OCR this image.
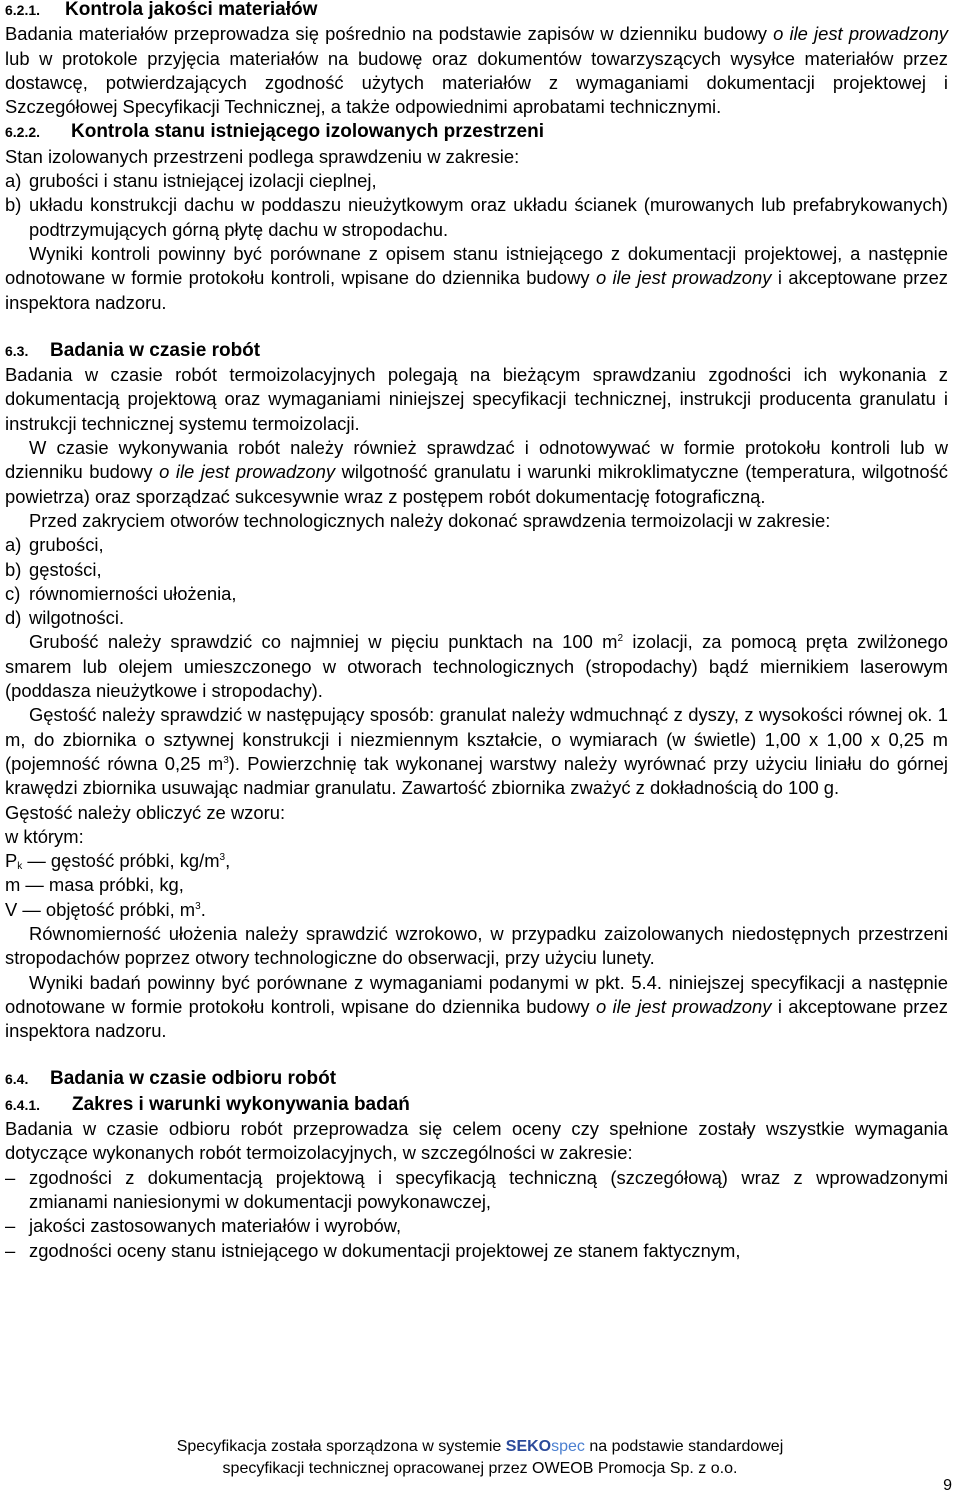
6.2.1. Kontrola jakości materiałów

Badania materiałów przeprowadza się pośrednio na podstawie zapisów w dzienniku budowy o ile jest prowadzony lub w protokole przyjęcia materiałów na budowę oraz dokumentów towarzyszących wysyłce materiałów przez dostawcę, potwierdzających zgodność użytych materiałów z wymaganiami dokumentacji projektowej i Szczegółowej Specyfikacji Technicznej, a także odpowiednimi aprobatami technicznymi.

6.2.2. Kontrola stanu istniejącego izolowanych przestrzeni

Stan izolowanych przestrzeni podlega sprawdzeniu w zakresie:

a) grubości i stanu istniejącej izolacji cieplnej,
b) układu konstrukcji dachu w poddaszu nieużytkowym oraz układu ścianek (murowanych lub prefabrykowanych) podtrzymujących górną płytę dachu w stropodachu.

Wyniki kontroli powinny być porównane z opisem stanu istniejącego z dokumentacji projektowej, a następnie odnotowane w formie protokołu kontroli, wpisane do dziennika budowy o ile jest prowadzony i akceptowane przez inspektora nadzoru.

6.3. Badania w czasie robót

Badania w czasie robót termoizolacyjnych polegają na bieżącym sprawdzaniu zgodności ich wykonania z dokumentacją projektową oraz wymaganiami niniejszej specyfikacji technicznej, instrukcji producenta granulatu i instrukcji technicznej systemu termoizolacji.

W czasie wykonywania robót należy również sprawdzać i odnotowywać w formie protokołu kontroli lub w dzienniku budowy o ile jest prowadzony wilgotność granulatu i warunki mikroklimatyczne (temperatura, wilgotność powietrza) oraz sporządzać sukcesywnie wraz z postępem robót dokumentację fotograficzną.

Przed zakryciem otworów technologicznych należy dokonać sprawdzenia termoizolacji w zakresie:

a) grubości,
b) gęstości,
c) równomierności ułożenia,
d) wilgotności.

Grubość należy sprawdzić co najmniej w pięciu punktach na 100 $m^2$ izolacji, za pomocą pręta zwilżonego smarem lub olejem umieszczonego w otworach technologicznych (stropodachy) bądź miernikiem laserowym (poddasza nieużytkowe i stropodachy).

Gęstość należy sprawdzić w następujący sposób: granulat należy wdmuchnąć z dyszy, z wysokości równej ok. 1 m, do zbiornika o sztywnej konstrukcji i niezmiennym kształcie, o wymiarach (w świetle) 1,00 x 1,00 x 0,25 m (pojemność równa 0,25 $m^3$). Powierzchnię tak wykonanej warstwy należy wyrównać przy użyciu liniału do górnej krawędzi zbiornika usuwając nadmiar granulatu. Zawartość zbiornika zważyć z dokładnością do 100 g.

Gęstość należy obliczyć ze wzoru:

w którym:

$P_k$ — gęstość próbki, $kg/m^3$,

m — masa próbki, kg,

V — objętość próbki, $m^3$.

Równomierność ułożenia należy sprawdzić wzrokowo, w przypadku zaizolowanych niedostępnych przestrzeni stropodachów poprzez otwory technologiczne do obserwacji, przy użyciu lunety.

Wyniki badań powinny być porównane z wymaganiami podanymi w pkt. 5.4. niniejszej specyfikacji a następnie odnotowane w formie protokołu kontroli, wpisane do dziennika budowy o ile jest prowadzony i akceptowane przez inspektora nadzoru.

6.4. Badania w czasie odbioru robót
6.4.1. Zakres i warunki wykonywania badań

Badania w czasie odbioru robót przeprowadza się celem oceny czy spełnione zostały wszystkie wymagania dotyczące wykonanych robót termoizolacyjnych, w szczególności w zakresie:

– zgodności z dokumentacją projektową i specyfikacją techniczną (szczegółową) wraz z wprowadzonymi zmianami naniesionymi w dokumentacji powykonawczej,
– jakości zastosowanych materiałów i wyrobów,
– zgodności oceny stanu istniejącego w dokumentacji projektowej ze stanem faktycznym,
Specyfikacja została sporządzona w systemie SEKOspec na podstawie standardowej
specyfikacji technicznej opracowanej przez OWEOB Promocja Sp. z o.o.
9
